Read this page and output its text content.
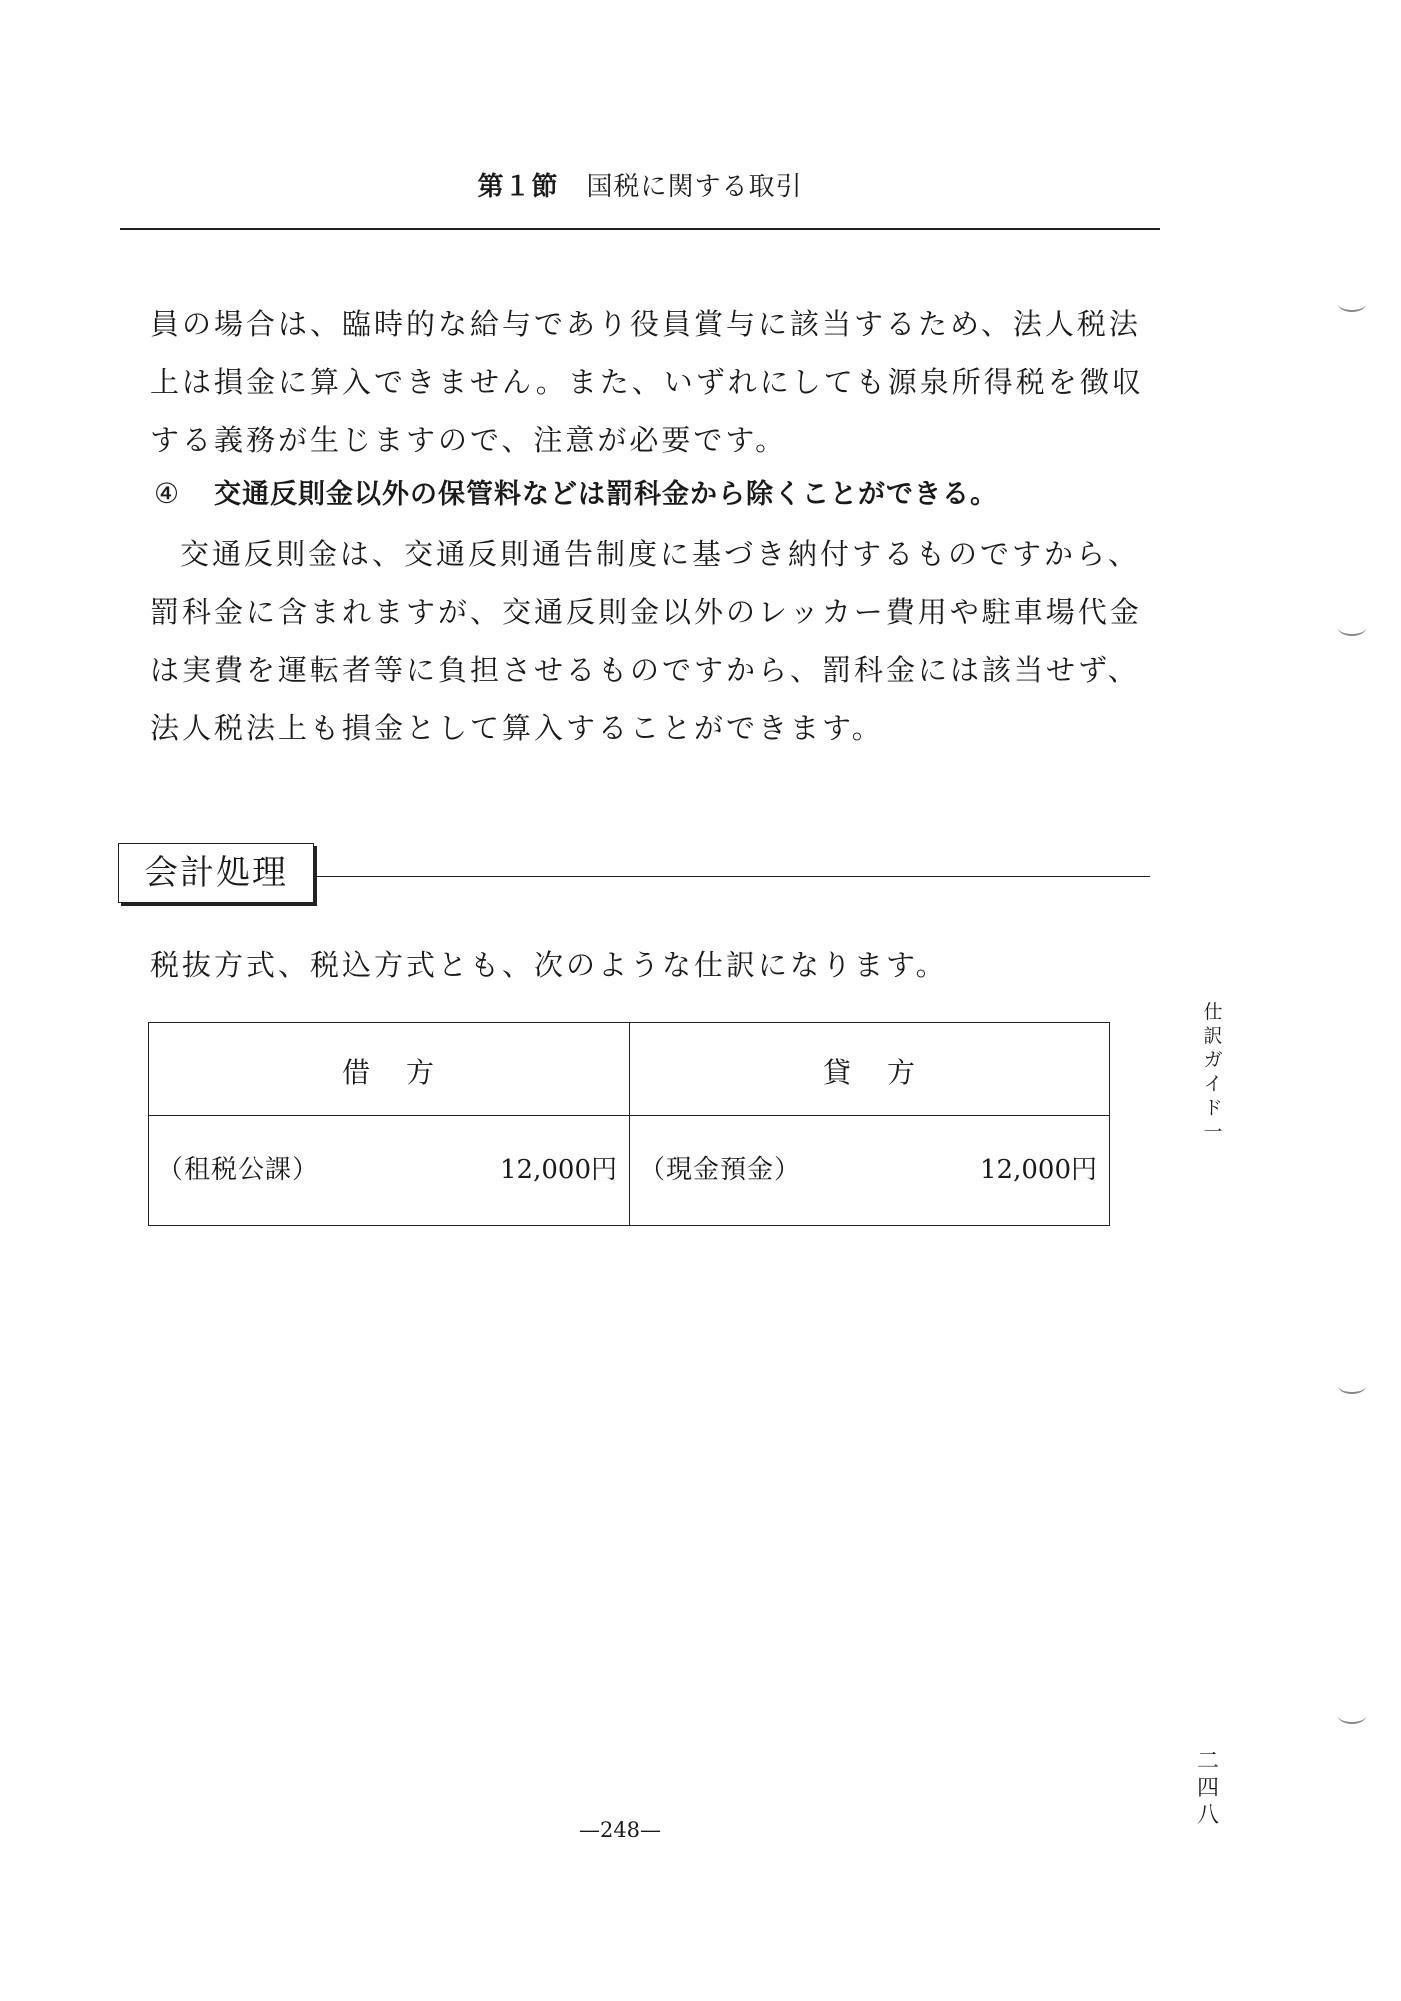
第１節 国税に関する取引

員の場合は、臨時的な給与であり役員賞与に該当するため、法人税法上は損金に算入できません。また、いずれにしても源泉所得税を徴収する義務が生じますので、注意が必要です。

④ 交通反則金以外の保管料などは罰科金から除くことができる。

交通反則金は、交通反則通告制度に基づき納付するものですから、罰科金に含まれますが、交通反則金以外のレッカー費用や駐車場代金は実費を運転者等に負担させるものですから、罰科金には該当せず、法人税法上も損金として算入することができます。

会計処理

税抜方式、税込方式とも、次のような仕訳になります。

借 方	貸 方
（租税公課）	12,000円 （現金預金）	12,000円
仕訳ガイド一
二四八
—248—
